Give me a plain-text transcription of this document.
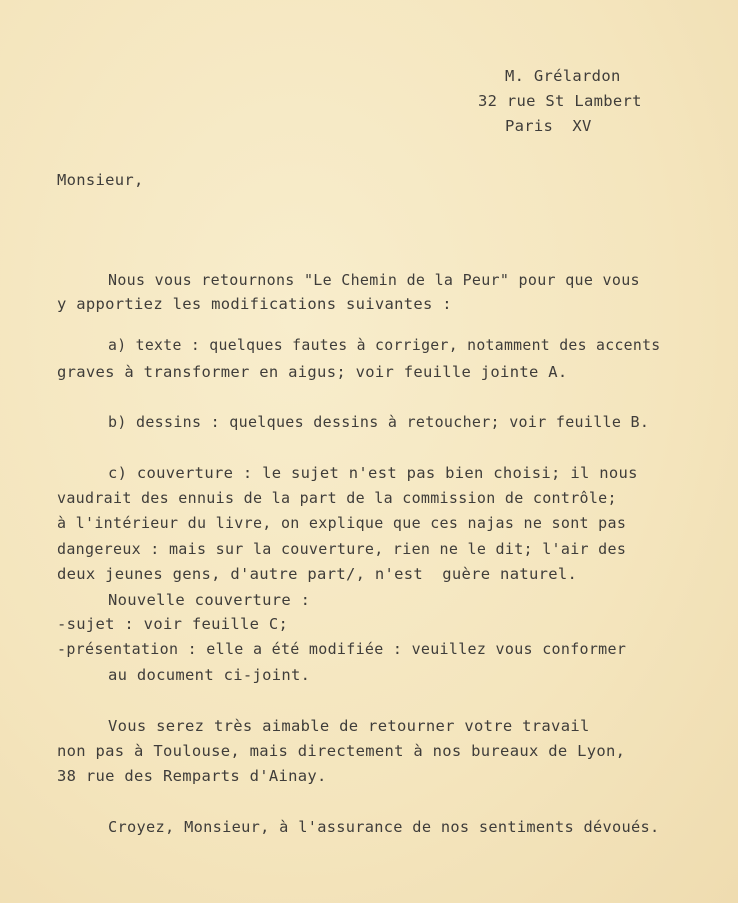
M. Grélardon
32 rue St Lambert
Paris  XV
Monsieur,
Nous vous retournons "Le Chemin de la Peur" pour que vous
y apportiez les modifications suivantes :
a) texte : quelques fautes à corriger, notamment des accents
graves à transformer en aigus; voir feuille jointe A.
b) dessins : quelques dessins à retoucher; voir feuille B.
c) couverture : le sujet n'est pas bien choisi; il nous
vaudrait des ennuis de la part de la commission de contrôle;
à l'intérieur du livre, on explique que ces najas ne sont pas
dangereux : mais sur la couverture, rien ne le dit; l'air des
deux jeunes gens, d'autre part/, n'est  guère naturel.
Nouvelle couverture :
-sujet : voir feuille C;
-présentation : elle a été modifiée : veuillez vous conformer
au document ci-joint.
Vous serez très aimable de retourner votre travail
non pas à Toulouse, mais directement à nos bureaux de Lyon,
38 rue des Remparts d'Ainay.
Croyez, Monsieur, à l'assurance de nos sentiments dévoués.
